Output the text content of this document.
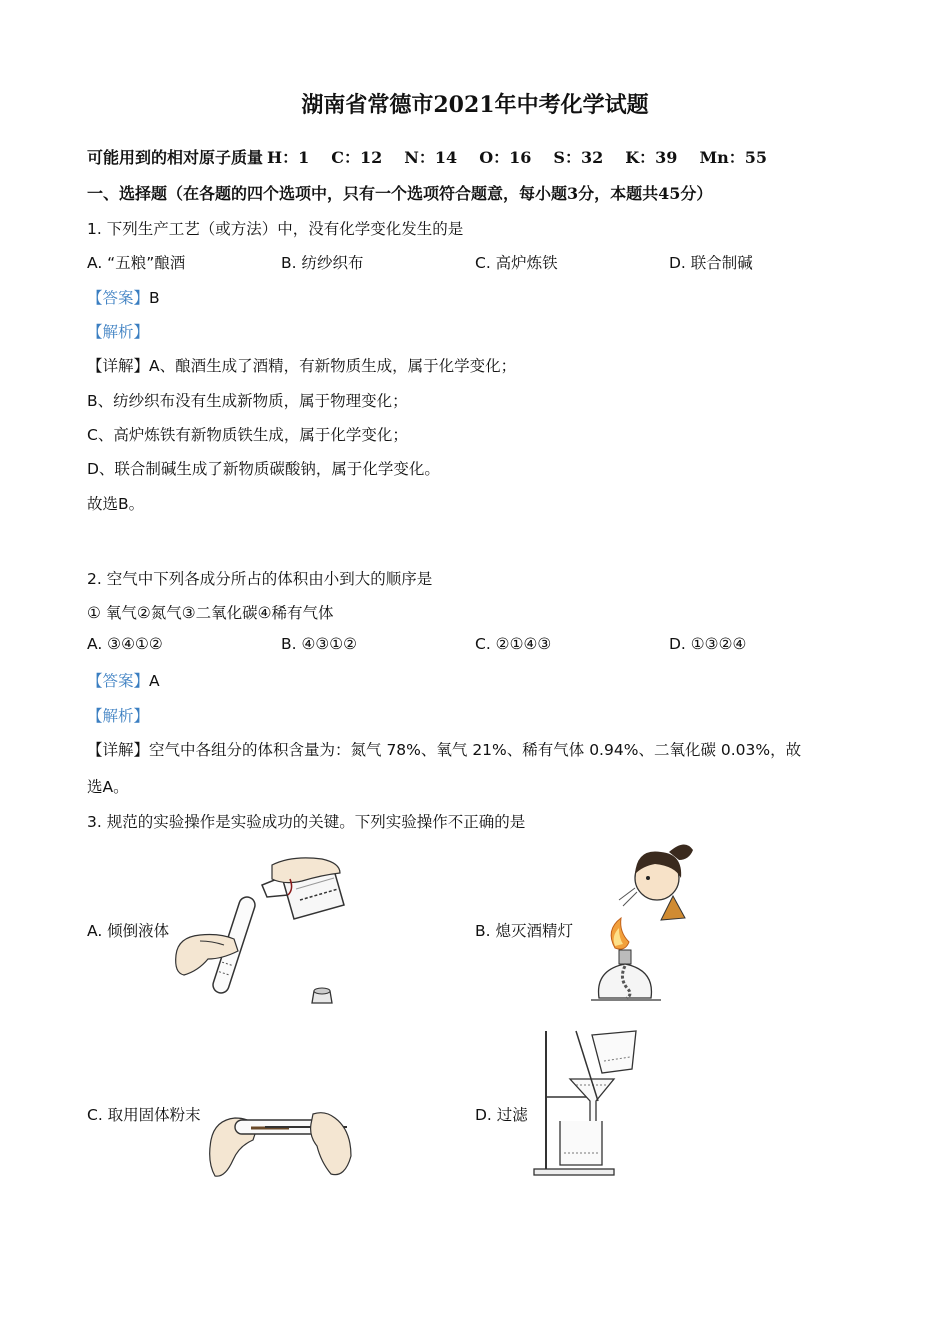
湖南省常德市2021年中考化学试题
可能用到的相对原子质量 H：1 C：12 N：14 O：16 S：32 K：39 Mn：55
一、选择题（在各题的四个选项中，只有一个选项符合题意，每小题3分，本题共45分）
1. 下列生产工艺（或方法）中，没有化学变化发生的是
A. “五粮”酿酒	B. 纺纱织布	C. 高炉炼铁	D. 联合制碱
【答案】B
【解析】
【详解】A、酿酒生成了酒精，有新物质生成，属于化学变化；
B、纺纱织布没有生成新物质，属于物理变化；
C、高炉炼铁有新物质铁生成，属于化学变化；
D、联合制碱生成了新物质碳酸钠，属于化学变化。
故选B。
2. 空气中下列各成分所占的体积由小到大的顺序是
① 氧气②氮气③二氧化碳④稀有气体
A. ③④①②	B. ④③①②	C. ②①④③	D. ①③②④
【答案】A
【解析】
【详解】空气中各组分的体积含量为：氮气 78%、氧气 21%、稀有气体 0.94%、二氧化碳 0.03%，故
选A。
3. 规范的实验操作是实验成功的关键。下列实验操作不正确的是
A. 倾倒液体	B. 熄灭酒精灯
C. 取用固体粉末	D. 过滤
